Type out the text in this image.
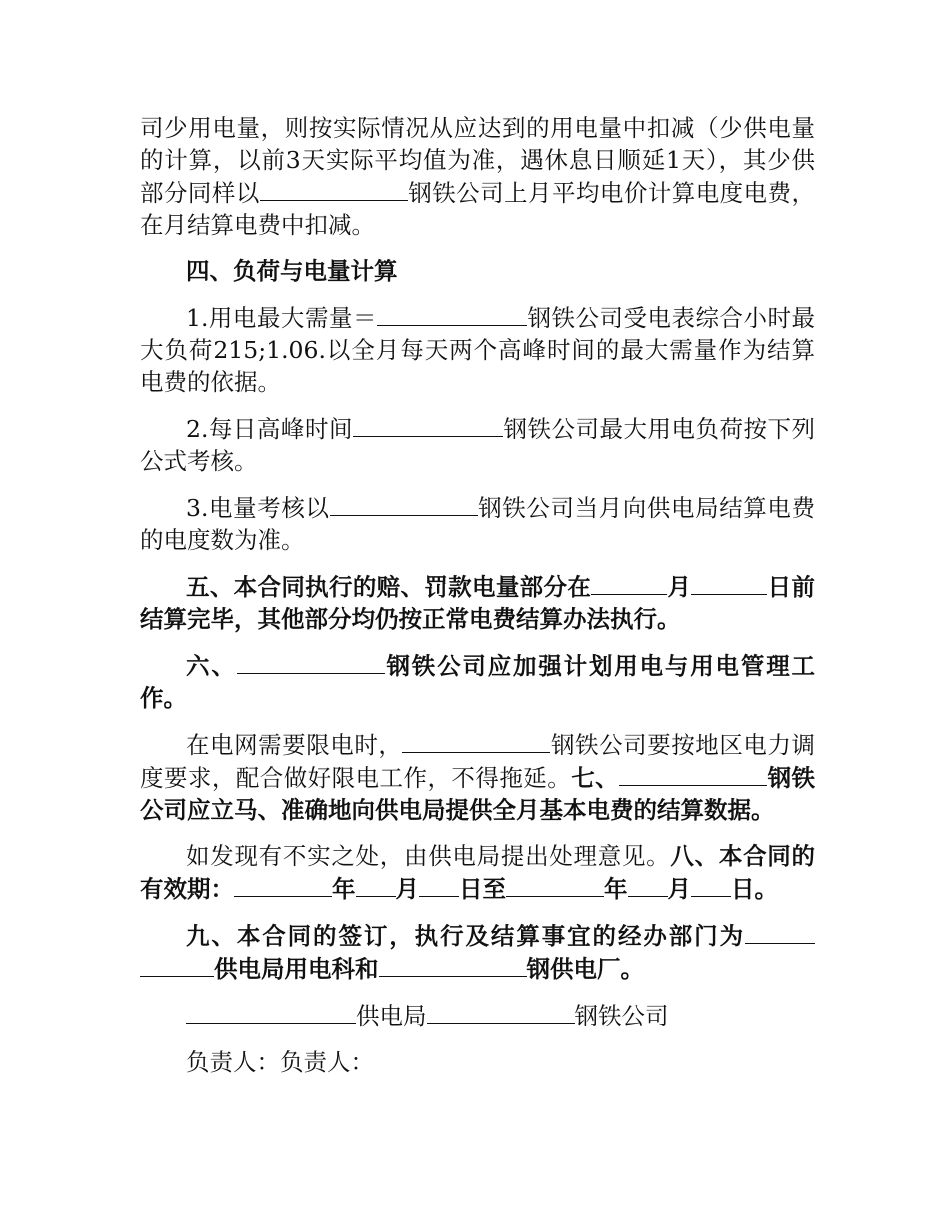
司少用电量，则按实际情况从应达到的用电量中扣减（少供电量的计算，以前3天实际平均值为准，遇休息日顺延1天），其少供部分同样以	钢铁公司上月平均电价计算电度电费，在月结算电费中扣减。

四、负荷与电量计算

1.用电最大需量＝	钢铁公司受电表综合小时最大负荷215;1.06.以全月每天两个高峰时间的最大需量作为结算电费的依据。

2.每日高峰时间	钢铁公司最大用电负荷按下列公式考核。

3.电量考核以	钢铁公司当月向供电局结算电费的电度数为准。

五、本合同执行的赔、罚款电量部分在	月	日前结算完毕，其他部分均仍按正常电费结算办法执行。

六、	钢铁公司应加强计划用电与用电管理工作。

在电网需要限电时，	钢铁公司要按地区电力调度要求，配合做好限电工作，不得拖延。七、	钢铁公司应立马、准确地向供电局提供全月基本电费的结算数据。

如发现有不实之处，由供电局提出处理意见。八、本合同的有效期：	年 月 日至	年 月 日。

九、本合同的签订，执行及结算事宜的经办部门为供电局用电科和	钢供电厂。

供电局	钢铁公司

负责人：负责人：
